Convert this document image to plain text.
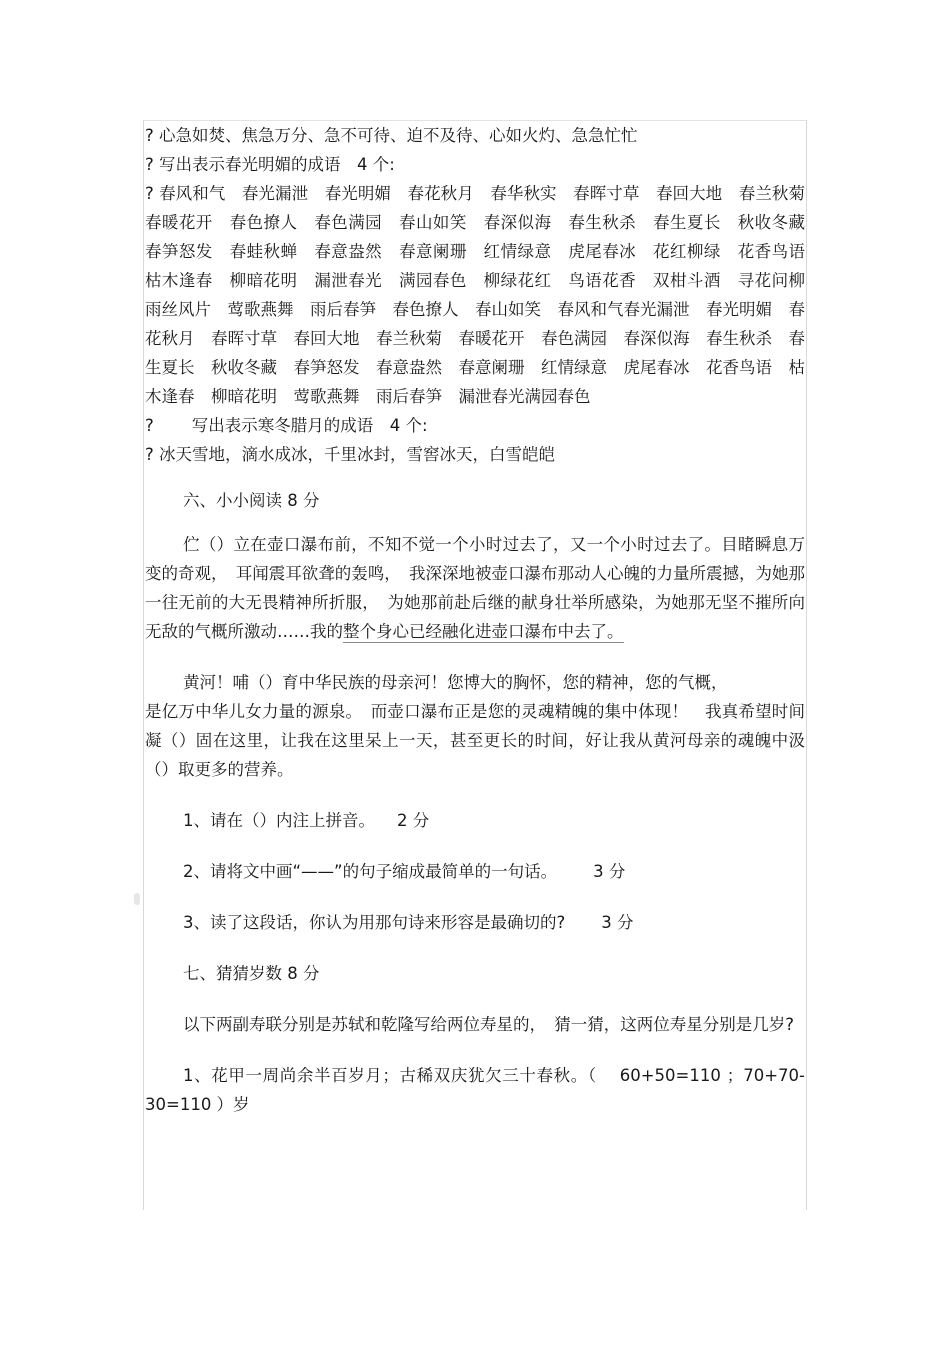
? 心急如焚、焦急万分、急不可待、迫不及待、心如火灼、急急忙忙

? 写出表示春光明媚的成语　4 个:

? 春风和气　春光漏泄　春光明媚　春花秋月　春华秋实　春晖寸草　春回大地　春兰秋菊　春暖花开　春色撩人　春色满园　春山如笑　春深似海　春生秋杀　春生夏长　秋收冬藏　春笋怒发　春蛙秋蝉　春意盎然　春意阑珊　红情绿意　虎尾春冰　花红柳绿　花香鸟语　枯木逢春　柳暗花明　漏泄春光　满园春色　柳绿花红　鸟语花香　双柑斗酒　寻花问柳　雨丝风片　莺歌燕舞　雨后春笋　春色撩人　春山如笑　春风和气春光漏泄　春光明媚　春花秋月　春晖寸草　春回大地　春兰秋菊　春暖花开　春色满园　春深似海　春生秋杀　春生夏长　秋收冬藏　春笋怒发　春意盎然　春意阑珊　红情绿意　虎尾春冰　花香鸟语　枯木逢春　柳暗花明　莺歌燕舞　雨后春笋　漏泄春光满园春色

? 写出表示寒冬腊月的成语　4 个:

? 冰天雪地，滴水成冰，千里冰封，雪窖冰天，白雪皑皑

六、小小阅读 8 分

伫（）立在壶口瀑布前，不知不觉一个小时过去了，又一个小时过去了。目睹瞬息万变的奇观，　耳闻震耳欲聋的轰鸣，　我深深地被壶口瀑布那动人心魄的力量所震撼，为她那一往无前的大无畏精神所折服，　为她那前赴后继的献身壮举所感染，为她那无坚不摧所向无敌的气概所激动……我的整个身心已经融化进壶口瀑布中去了。

黄河！哺（）育中华民族的母亲河！您博大的胸怀，您的精神，您的气概，

是亿万中华儿女力量的源泉。　而壶口瀑布正是您的灵魂精魄的集中体现！　我真希望时间凝（）固在这里，让我在这里呆上一天，甚至更长的时间，好让我从黄河母亲的魂魄中汲（）取更多的营养。

1、请在（）内注上拼音。 2 分

2、请将文中画“——”的句子缩成最简单的一句话。 3 分

3、读了这段话，你认为用那句诗来形容是最确切的? 3 分

七、猜猜岁数 8 分

以下两副寿联分别是苏轼和乾隆写给两位寿星的，　猜一猜，这两位寿星分别是几岁?

1、花甲一周尚余半百岁月；古稀双庆犹欠三十春秋。（　 60+50=110 ；70+70-30=110 ）岁
